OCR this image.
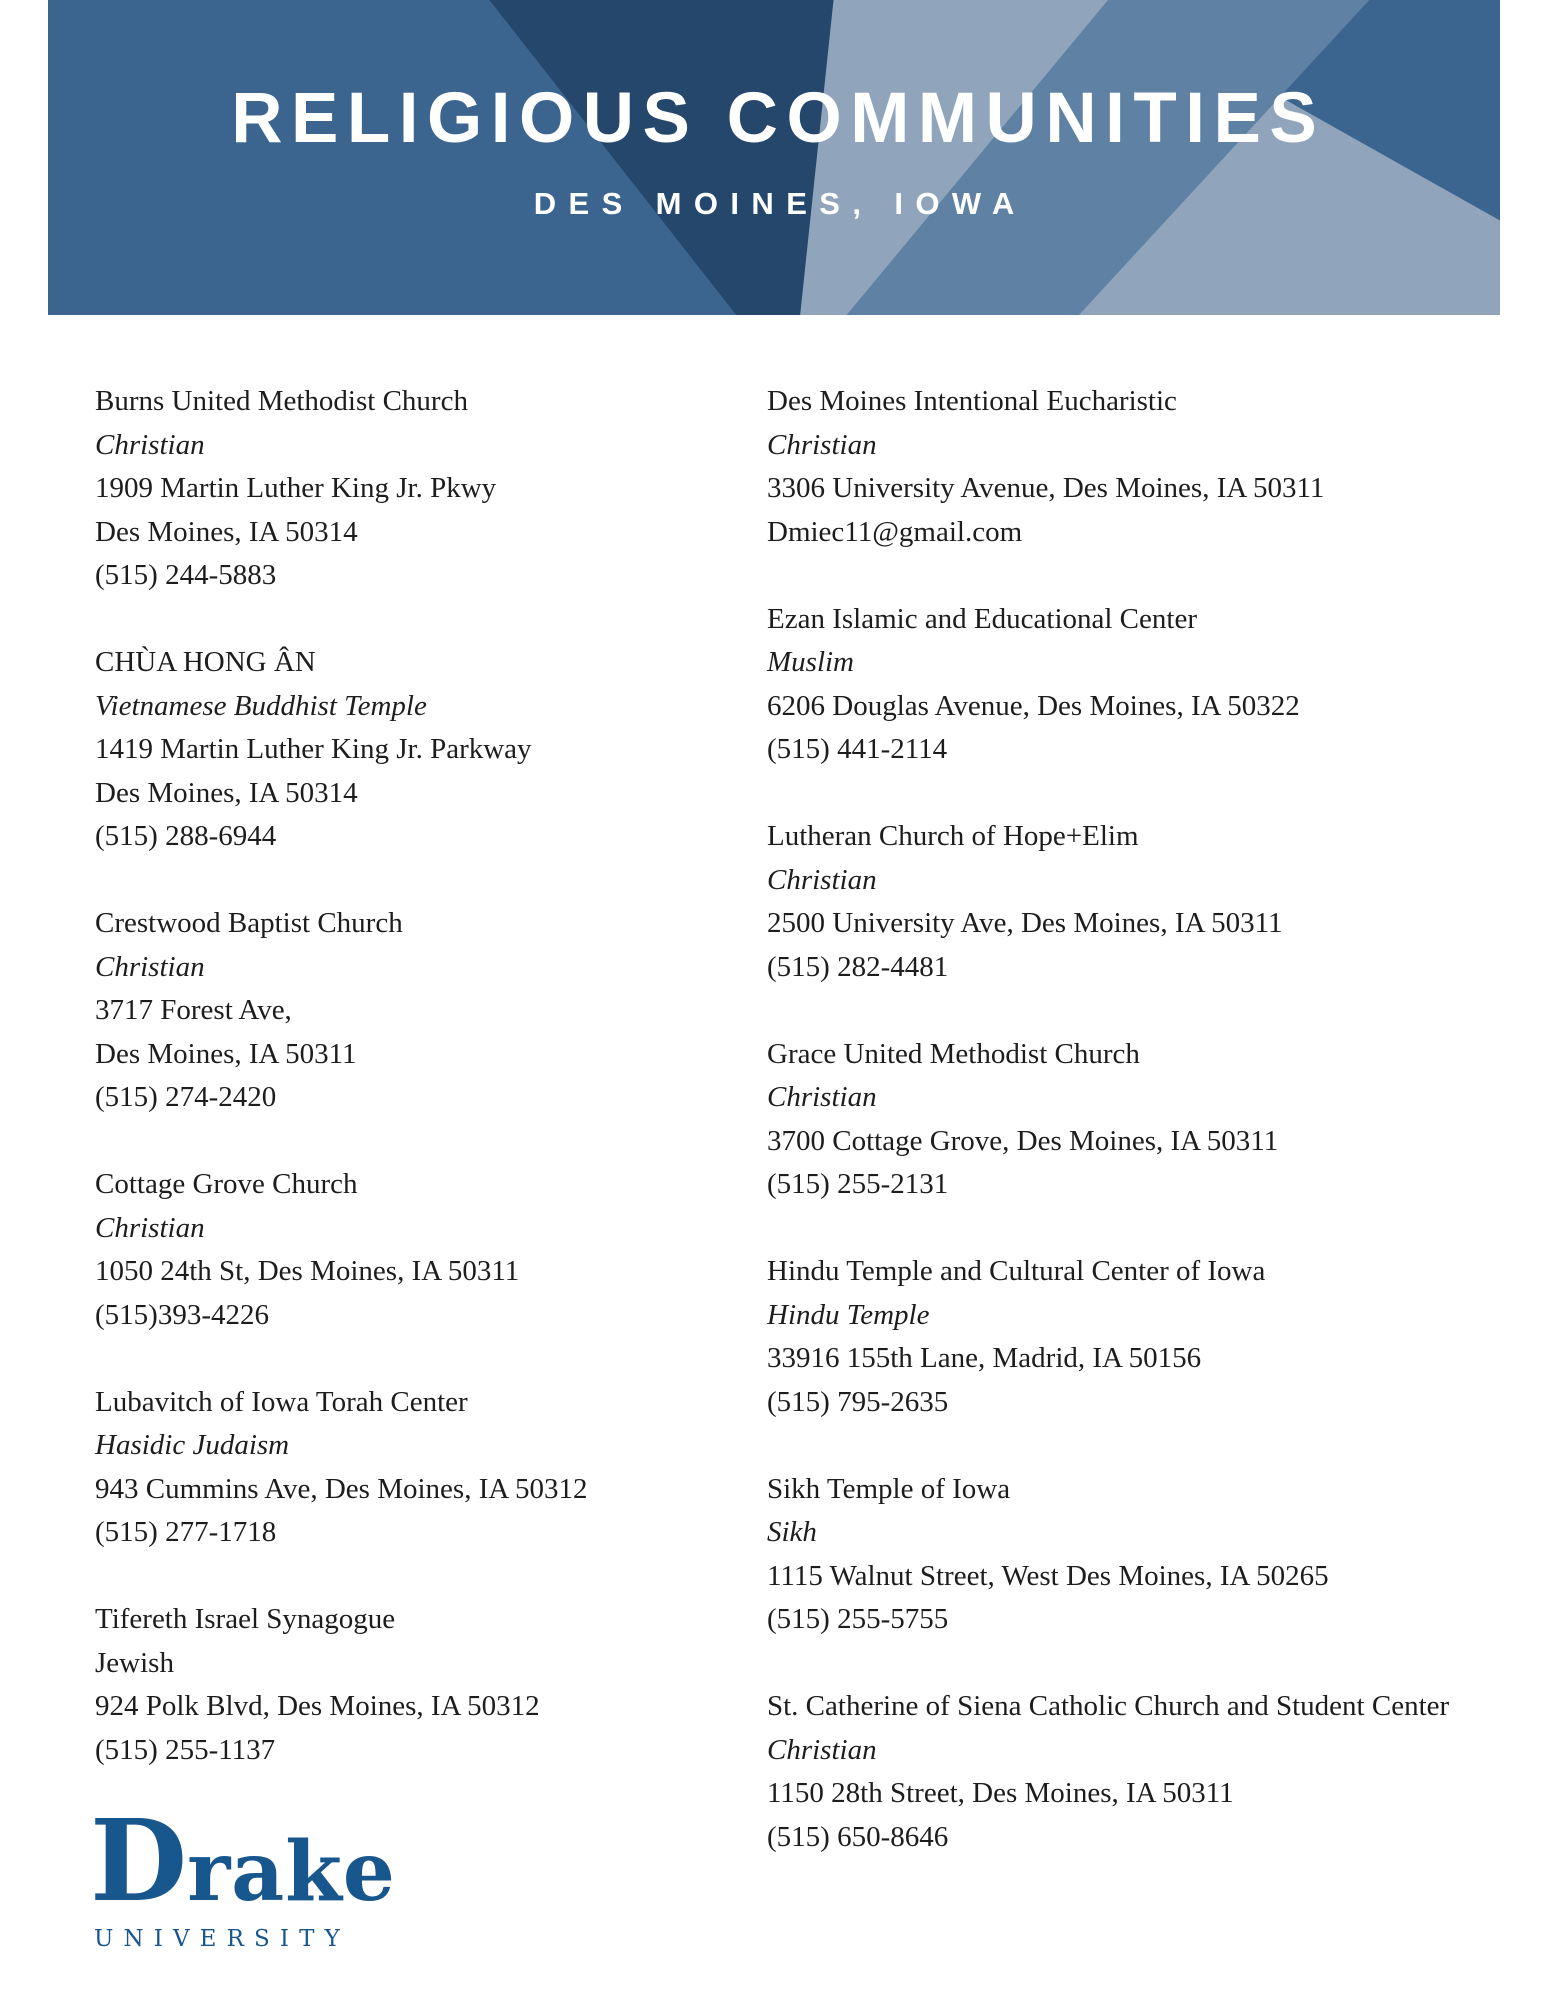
RELIGIOUS COMMUNITIES
DES MOINES, IOWA
Burns United Methodist Church
Christian
1909 Martin Luther King Jr. Pkwy
Des Moines, IA 50314
(515) 244-5883
CHÙA HONG ÂN
Vietnamese Buddhist Temple
1419 Martin Luther King Jr. Parkway
Des Moines, IA 50314
(515) 288-6944
Crestwood Baptist Church
Christian
3717 Forest Ave,
Des Moines, IA 50311
(515) 274-2420
Cottage Grove Church
Christian
1050 24th St, Des Moines, IA 50311
(515)393-4226
Lubavitch of Iowa Torah Center
Hasidic Judaism
943 Cummins Ave, Des Moines, IA 50312
(515) 277-1718
Tifereth Israel Synagogue
Jewish
924 Polk Blvd, Des Moines, IA 50312
(515) 255-1137
Des Moines Intentional Eucharistic
Christian
3306 University Avenue, Des Moines, IA 50311
Dmiec11@gmail.com
Ezan Islamic and Educational Center
Muslim
6206 Douglas Avenue, Des Moines, IA 50322
(515) 441-2114
Lutheran Church of Hope+Elim
Christian
2500 University Ave, Des Moines, IA 50311
(515) 282-4481
Grace United Methodist Church
Christian
3700 Cottage Grove, Des Moines, IA 50311
(515) 255-2131
Hindu Temple and Cultural Center of Iowa
Hindu Temple
33916 155th Lane, Madrid, IA 50156
(515) 795-2635
Sikh Temple of Iowa
Sikh
1115 Walnut Street, West Des Moines, IA 50265
(515) 255-5755
St. Catherine of Siena Catholic Church and Student Center
Christian
1150 28th Street, Des Moines, IA 50311
(515) 650-8646
D rake
UNIVERSITY
